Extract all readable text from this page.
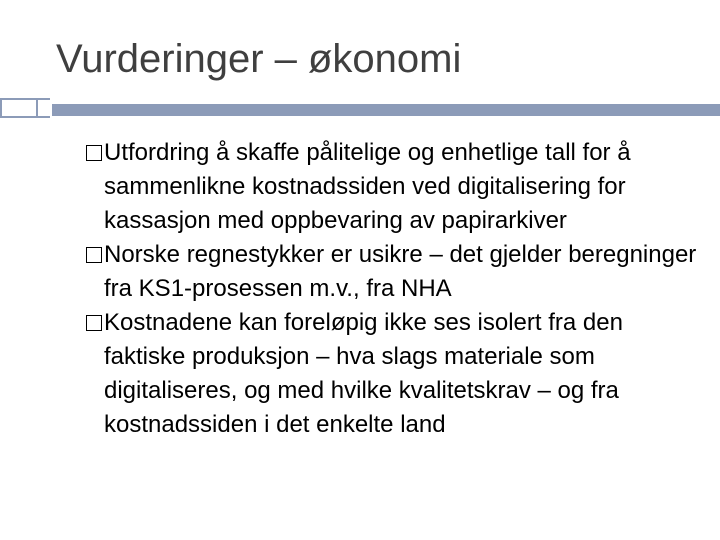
Vurderinger – økonomi

Utfordring å skaffe pålitelige og enhetlige tall for å sammenlikne kostnadssiden ved digitalisering for kassasjon med oppbevaring av papirarkiver

Norske regnestykker er usikre – det gjelder beregninger fra KS1-prosessen m.v., fra NHA

Kostnadene kan foreløpig ikke ses isolert fra den faktiske produksjon – hva slags materiale som digitaliseres, og med hvilke kvalitetskrav – og fra kostnadssiden i det enkelte land
